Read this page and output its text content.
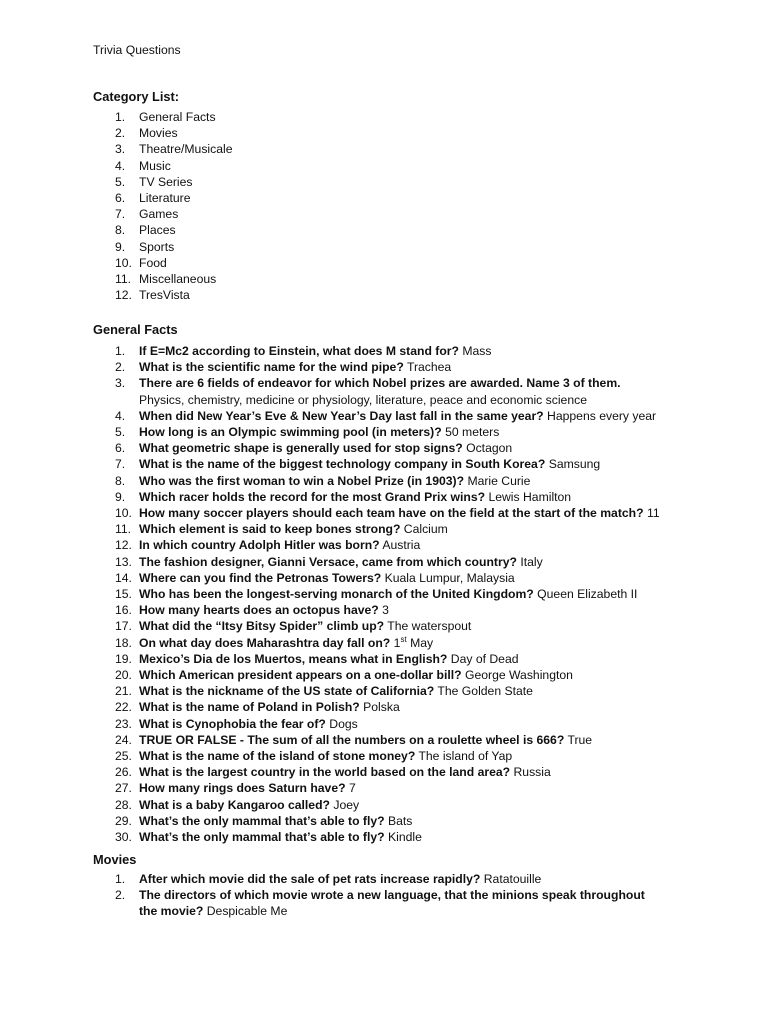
Trivia Questions
Category List:
1.	General Facts
2.	Movies
3.	Theatre/Musicale
4.	Music
5.	TV Series
6.	Literature
7.	Games
8.	Places
9.	Sports
10. Food
11. Miscellaneous
12. TresVista
General Facts
1.	If E=Mc2 according to Einstein, what does M stand for? Mass
2.	What is the scientific name for the wind pipe? Trachea
3.	There are 6 fields of endeavor for which Nobel prizes are awarded. Name 3 of them.
Physics, chemistry, medicine or physiology, literature, peace and economic science
4.	When did New Year’s Eve & New Year’s Day last fall in the same year? Happens every year
5.	How long is an Olympic swimming pool (in meters)? 50 meters
6.	What geometric shape is generally used for stop signs? Octagon
7.	What is the name of the biggest technology company in South Korea? Samsung
8.	Who was the first woman to win a Nobel Prize (in 1903)? Marie Curie
9.	Which racer holds the record for the most Grand Prix wins? Lewis Hamilton
10. How many soccer players should each team have on the field at the start of the match? 11
11. Which element is said to keep bones strong? Calcium
12. In which country Adolph Hitler was born? Austria
13. The fashion designer, Gianni Versace, came from which country? Italy
14. Where can you find the Petronas Towers? Kuala Lumpur, Malaysia
15. Who has been the longest-serving monarch of the United Kingdom? Queen Elizabeth II
16. How many hearts does an octopus have? 3
17. What did the “Itsy Bitsy Spider” climb up? The waterspout
18. On what day does Maharashtra day fall on? 1st May
19. Mexico’s Dia de los Muertos, means what in English? Day of Dead
20. Which American president appears on a one-dollar bill? George Washington
21. What is the nickname of the US state of California? The Golden State
22. What is the name of Poland in Polish? Polska
23. What is Cynophobia the fear of? Dogs
24. TRUE OR FALSE - The sum of all the numbers on a roulette wheel is 666? True
25. What is the name of the island of stone money? The island of Yap
26. What is the largest country in the world based on the land area? Russia
27. How many rings does Saturn have? 7
28. What is a baby Kangaroo called? Joey
29. What’s the only mammal that’s able to fly? Bats
30. What’s the only mammal that’s able to fly? Kindle
Movies
1.	After which movie did the sale of pet rats increase rapidly? Ratatouille
2.	The directors of which movie wrote a new language, that the minions speak throughout
the movie? Despicable Me
